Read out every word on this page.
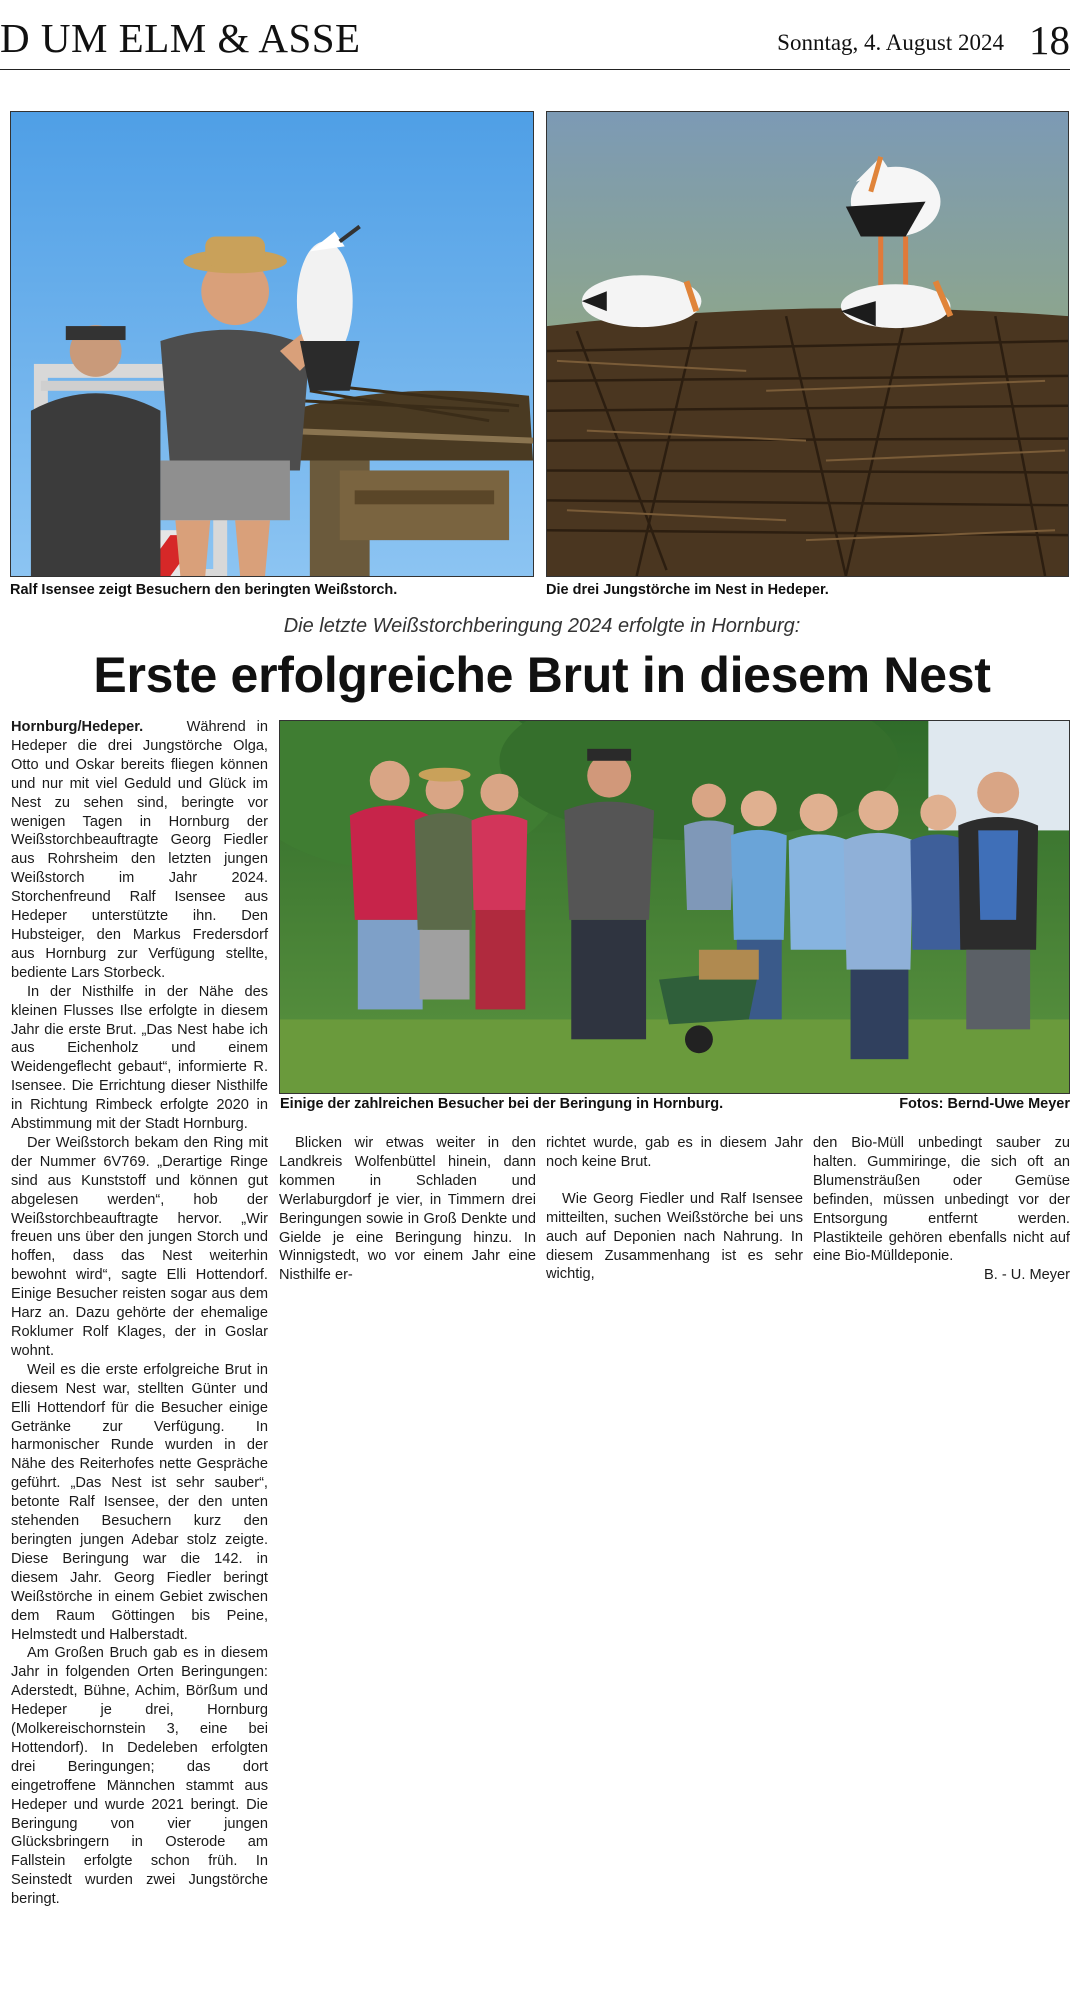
D UM ELM & ASSE	Sonntag, 4. August 2024 18
Ralf Isensee zeigt Besuchern den beringten Weißstorch.	Die drei Jungstörche im Nest in Hedeper.
Die letzte Weißstorchberingung 2024 erfolgte in Hornburg:
Erste erfolgreiche Brut in diesem Nest

Hornburg/Hedeper.	Während in Hedeper die drei Jungstörche Olga, Otto und Oskar bereits fliegen können und nur mit viel Geduld und Glück im Nest zu sehen sind, beringte vor wenigen Tagen in Hornburg der Weißstorchbeauftragte Georg Fiedler aus Rohrsheim den letzten jungen Weißstorch im Jahr 2024. Storchenfreund Ralf Isensee aus Hedeper unterstützte ihn. Den Hubsteiger, den Markus Fredersdorf aus Hornburg zur Verfügung stellte, bediente Lars Storbeck.

In der Nisthilfe in der Nähe des kleinen Flusses Ilse erfolgte in diesem Jahr die erste Brut. „Das Nest habe ich aus Eichenholz und einem Weidengeflecht gebaut“, informierte R. Isensee. Die Errichtung dieser Nisthilfe in Richtung Rimbeck erfolgte 2020 in Abstimmung mit der Stadt Hornburg.

Der Weißstorch bekam den Ring mit der Nummer 6V769. „Derartige Ringe sind aus Kunststoff und können gut abgelesen werden“, hob der Weißstorchbeauftragte hervor. „Wir freuen uns über den jungen Storch und hoffen, dass das Nest weiterhin bewohnt wird“, sagte Elli Hottendorf. Einige Besucher reisten sogar aus dem Harz an. Dazu gehörte der ehemalige Roklumer Rolf Klages, der in Goslar wohnt.

Weil es die erste erfolgreiche Brut in diesem Nest war, stellten Günter und Elli Hottendorf für die Besucher einige Getränke zur Verfügung. In harmonischer Runde wurden in der Nähe des Reiterhofes nette Gespräche geführt. „Das Nest ist sehr sauber“, betonte Ralf Isensee, der den unten stehenden Besuchern kurz den beringten jungen Adebar stolz zeigte. Diese Beringung war die 142. in diesem Jahr. Georg Fiedler beringt Weißstörche in einem Gebiet zwischen dem Raum Göttingen bis Peine, Helmstedt und Halberstadt.

Am Großen Bruch gab es in diesem Jahr in folgenden Orten Beringungen: Aderstedt, Bühne, Achim, Börßum und Hedeper je drei, Hornburg (Molkereischornstein 3, eine bei Hottendorf). In Dedeleben erfolgten drei Beringungen; das dort eingetroffene Männchen stammt aus Hedeper und wurde 2021 beringt. Die Beringung von vier jungen Glücksbringern in Osterode am Fallstein erfolgte schon früh. In Seinstedt wurden zwei Jungstörche beringt.

Einige der zahlreichen Besucher bei der Beringung in Hornburg.	Fotos: Bernd-Uwe Meyer

Blicken wir etwas weiter in den Landkreis Wolfenbüttel hinein, dann kommen in Schladen und Werlaburgdorf je vier, in Timmern drei Beringungen sowie in Groß Denkte und Gielde je eine Beringung hinzu. In Winnigstedt, wo vor einem Jahr eine Nisthilfe er-

richtet wurde, gab es in diesem Jahr noch keine Brut.

Wie Georg Fiedler und Ralf Isensee mitteilten, suchen Weißstörche bei uns auch auf Deponien nach Nahrung. In diesem Zusammenhang ist es sehr wichtig,

den Bio-Müll unbedingt sauber zu halten. Gummiringe, die sich oft an Blumensträußen oder Gemüse befinden, müssen unbedingt vor der Entsorgung entfernt werden. Plastikteile gehören ebenfalls nicht auf eine Bio-Mülldeponie.

B. - U. Meyer
